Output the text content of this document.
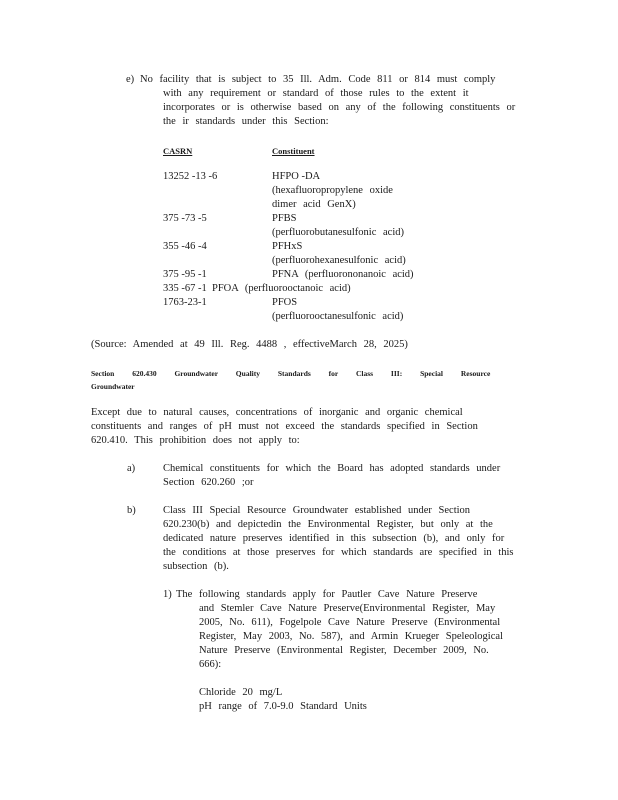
e) No facility that is subject to 35 Ill. Adm. Code 811 or 814 must comply
with any requirement or standard of those rules to the extent it
incorporates or is otherwise based on any of the following constituents or
the ir standards under this Section:
CASRN	Constituent
13252 -13 -6	HFPO -DA
(hexafluoropropylene oxide
dimer acid GenX)
375 -73 -5	PFBS
(perfluorobutanesulfonic acid)
355 -46 -4	PFHxS
(perfluorohexanesulfonic acid)
375 -95 -1	PFNA (perfluorononanoic acid)
335 -67 -1 PFOA (perfluorooctanoic acid)
1763-23-1	PFOS
(perfluorooctanesulfonic acid)
(Source: Amended at 49 Ill. Reg. 4488 , effectiveMarch 28, 2025)
Section 620.430 Groundwater Quality Standards for Class III: Special Resource
Groundwater
Except due to natural causes, concentrations of inorganic and organic chemical
constituents and ranges of pH must not exceed the standards specified in Section
620.410. This prohibition does not apply to:
a)	Chemical constituents for which the Board has adopted standards under
Section 620.260 ;or
b)	Class III Special Resource Groundwater established under Section
620.230(b) and depictedin the Environmental Register, but only at the
dedicated nature preserves identified in this subsection (b), and only for
the conditions at those preserves for which standards are specified in this
subsection (b).
1) The following standards apply for Pautler Cave Nature Preserve
and Stemler Cave Nature Preserve(Environmental Register, May
2005, No. 611), Fogelpole Cave Nature Preserve (Environmental
Register, May 2003, No. 587), and Armin Krueger Speleological
Nature Preserve (Environmental Register, December 2009, No.
666):
Chloride 20 mg/L
pH range of 7.0-9.0 Standard Units
